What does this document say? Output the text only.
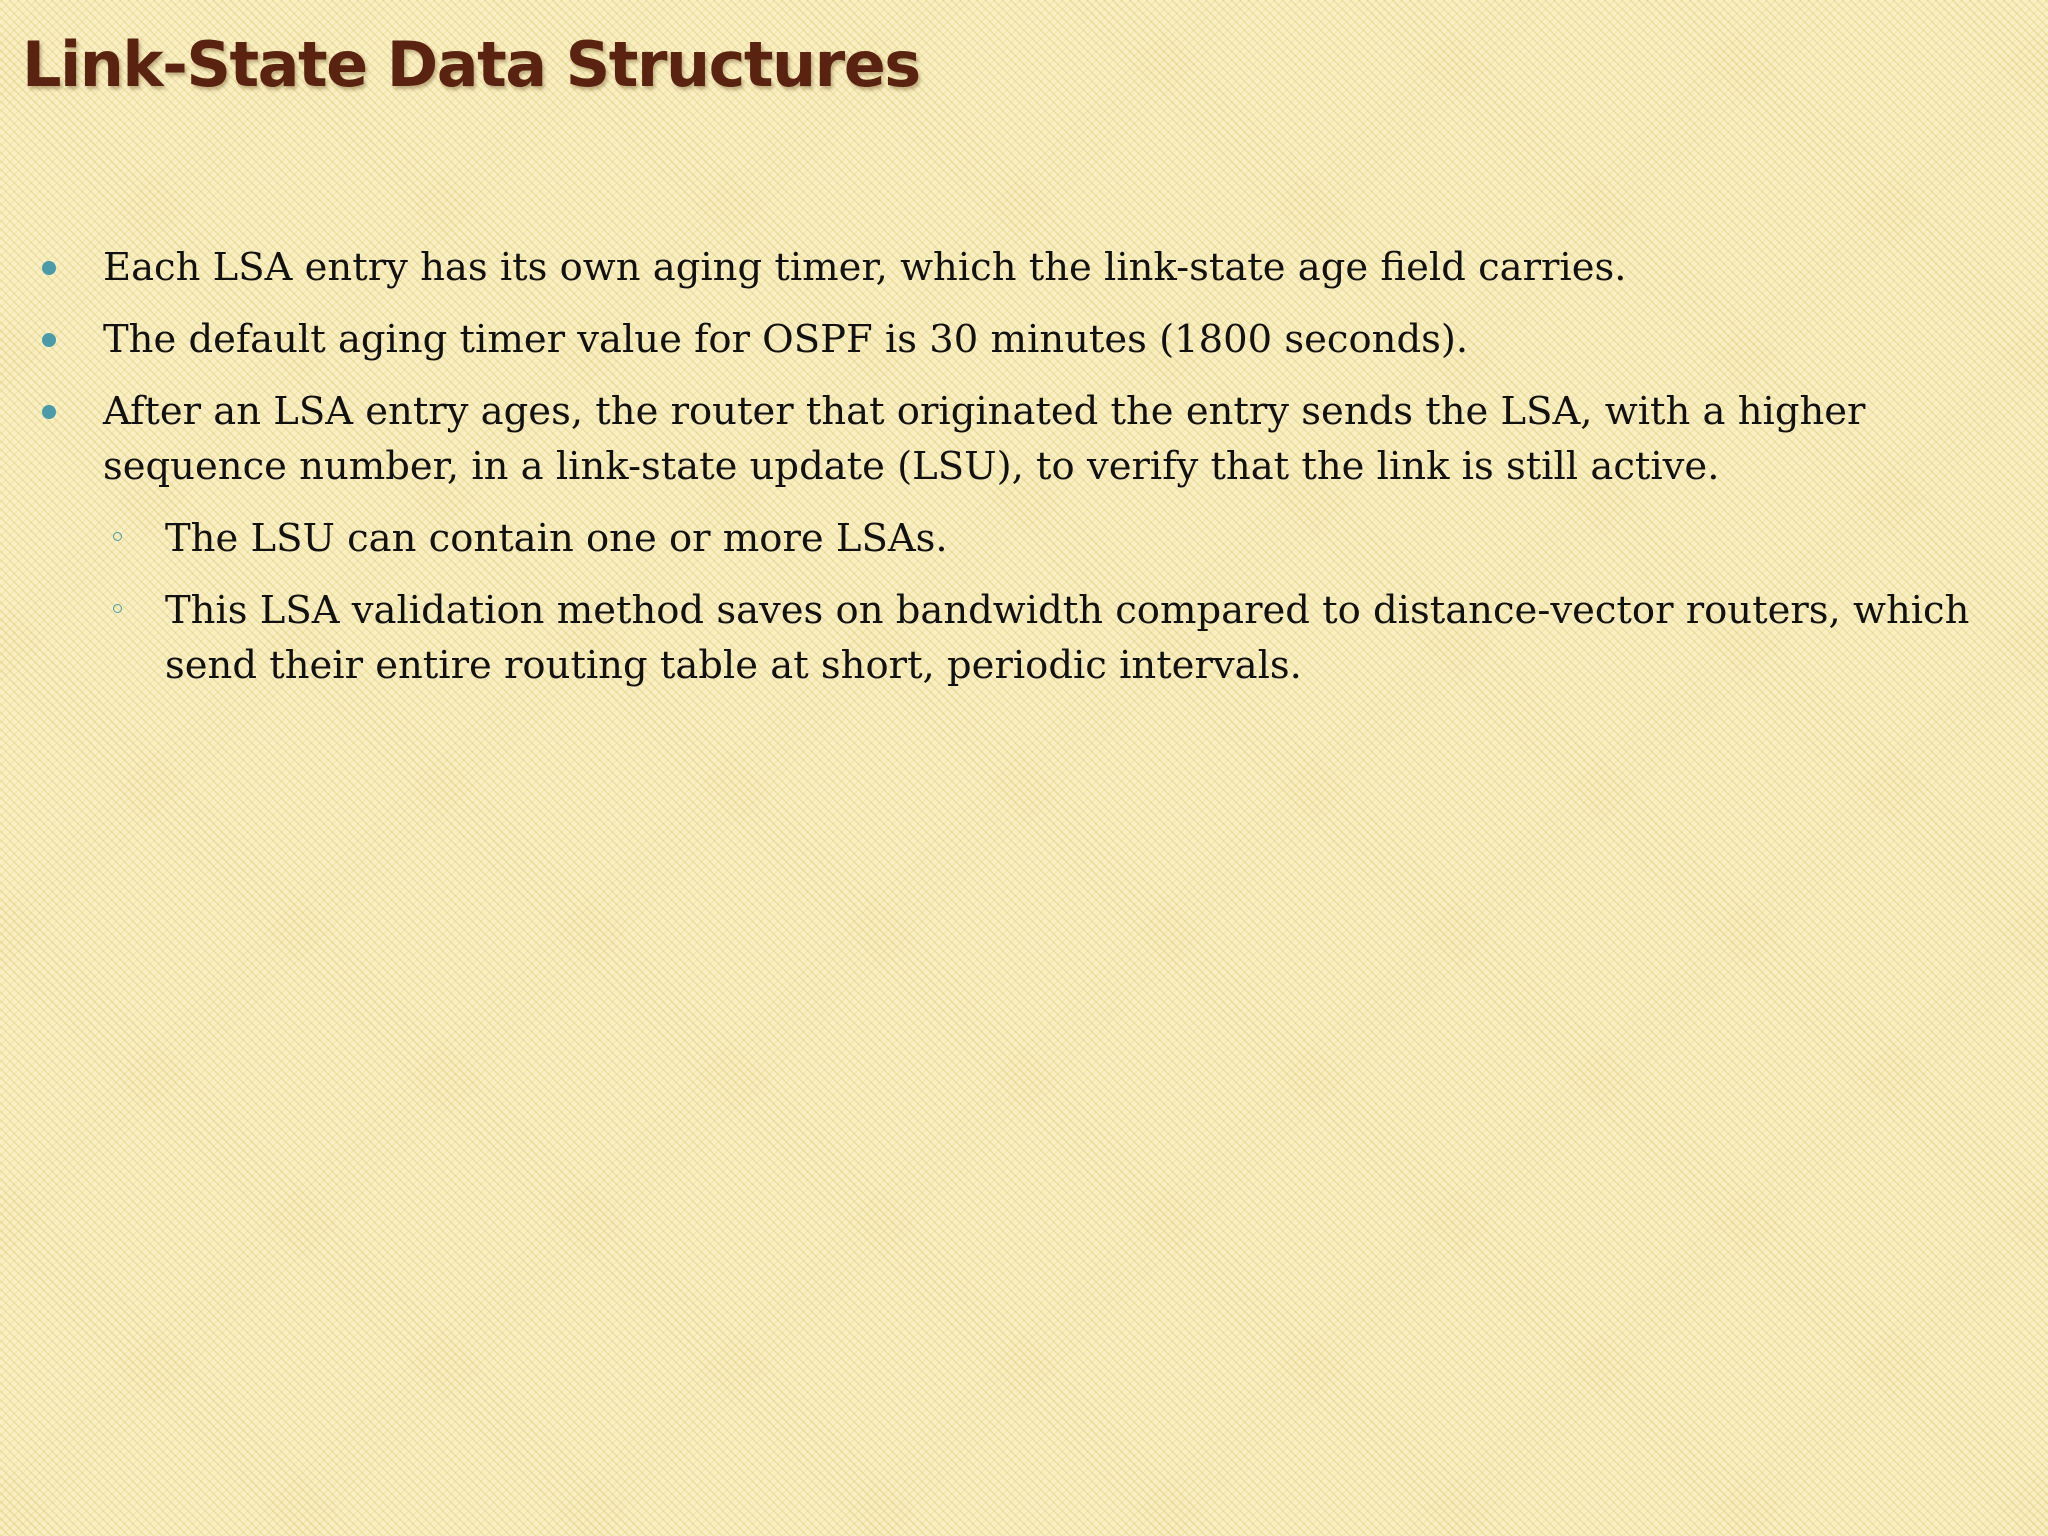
Link-State Data Structures
Each LSA entry has its own aging timer, which the link-state age field carries.
The default aging timer value for OSPF is 30 minutes (1800 seconds).
After an LSA entry ages, the router that originated the entry sends the LSA, with a higher sequence number, in a link-state update (LSU), to verify that the link is still active.
The LSU can contain one or more LSAs.
This LSA validation method saves on bandwidth compared to distance-vector routers, which send their entire routing table at short, periodic intervals.
